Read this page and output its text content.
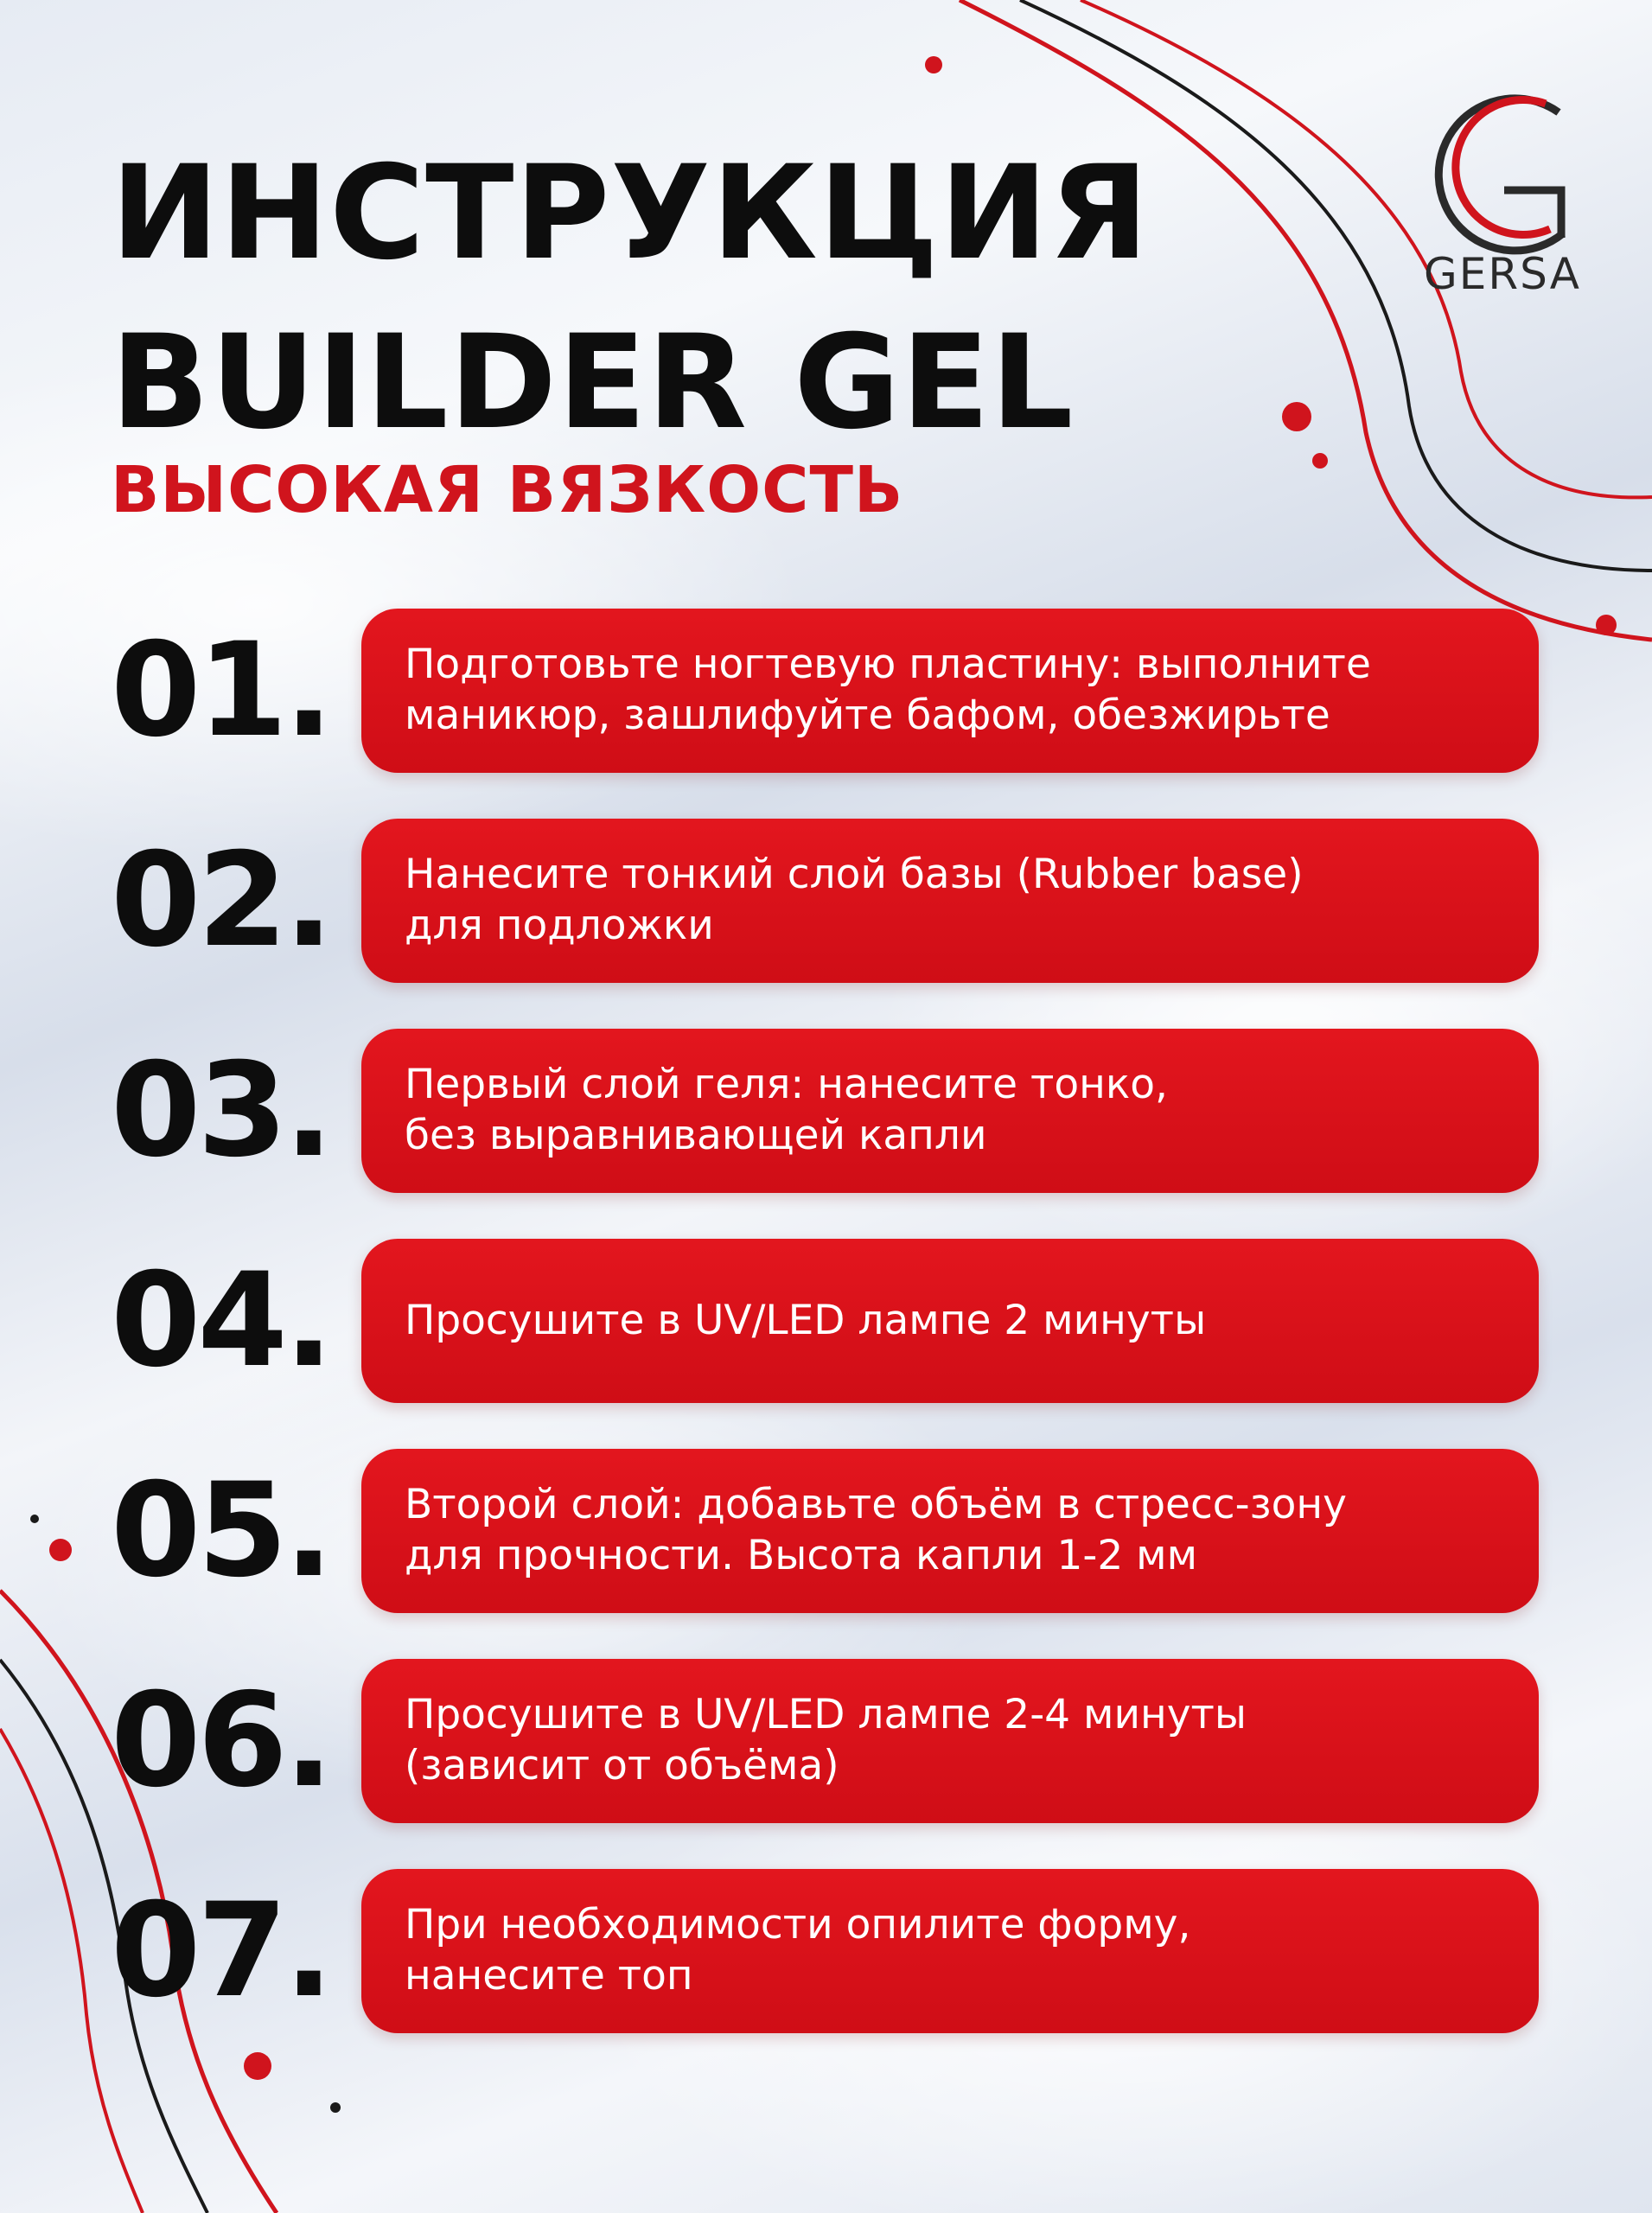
ИНСТРУКЦИЯ
BUILDER GEL
ВЫСОКАЯ ВЯЗКОСТЬ
GERSA
01. Подготовьте ногтевую пластину: выполните
маникюр, зашлифуйте бафом, обезжирьте
02. Нанесите тонкий слой базы (Rubber base)
для подложки
03. Первый слой геля: нанесите тонко,
без выравнивающей капли
04. Просушите в UV/LED лампе 2 минуты
05. Второй слой: добавьте объём в стресс-зону
для прочности. Высота капли 1-2 мм
06. Просушите в UV/LED лампе 2-4 минуты
(зависит от объёма)
07. При необходимости опилите форму,
нанесите топ
